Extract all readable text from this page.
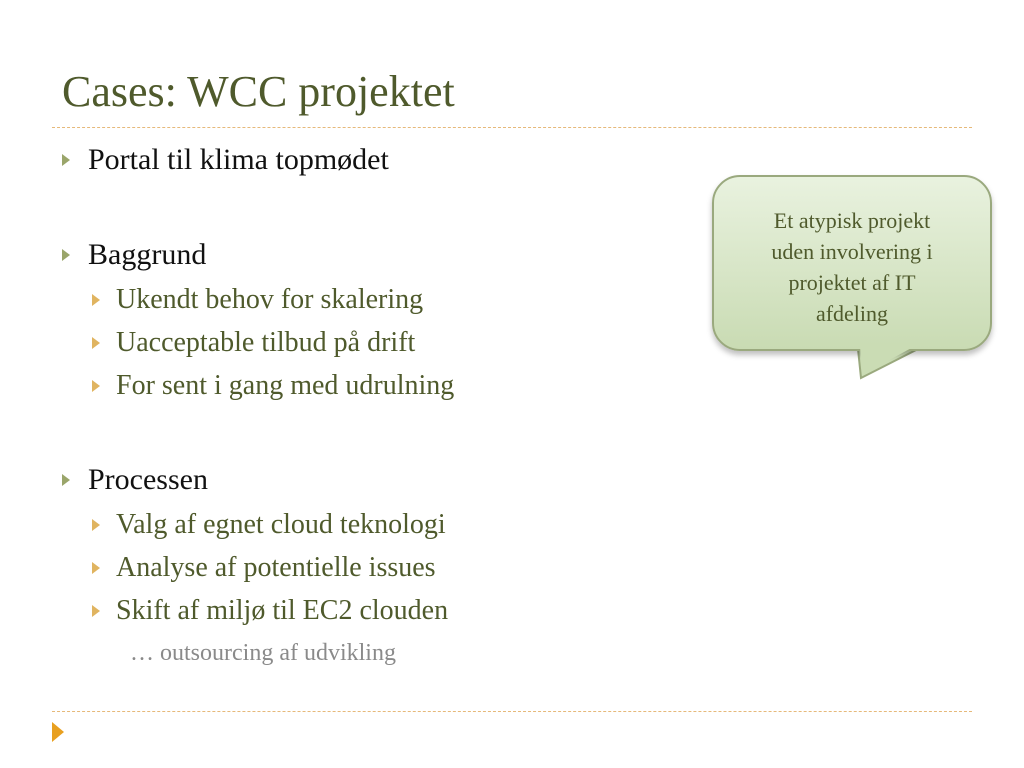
Cases: WCC projektet
Portal til klima topmødet
Baggrund
Ukendt behov for skalering
Uacceptable tilbud på drift
For sent i gang med udrulning
Processen
Valg af egnet cloud teknologi
Analyse af potentielle issues
Skift af miljø til EC2 clouden
… outsourcing af udvikling
Et atypisk projekt
uden involvering i
projektet af IT
afdeling
